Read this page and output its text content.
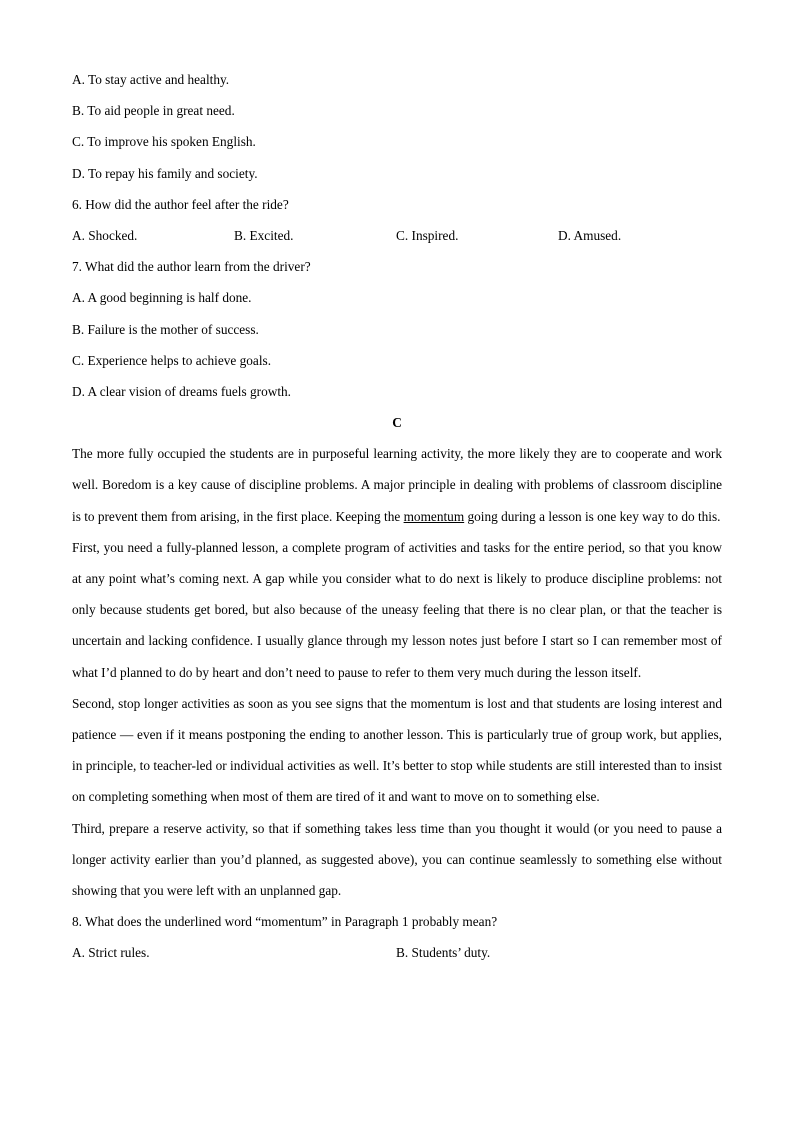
A. To stay active and healthy.
B. To aid people in great need.
C. To improve his spoken English.
D. To repay his family and society.
6. How did the author feel after the ride?
A. Shocked.	B. Excited.	C. Inspired.	D. Amused.
7. What did the author learn from the driver?
A. A good beginning is half done.
B. Failure is the mother of success.
C. Experience helps to achieve goals.
D. A clear vision of dreams fuels growth.
C

The more fully occupied the students are in purposeful learning activity, the more likely they are to cooperate and work well. Boredom is a key cause of discipline problems. A major principle in dealing with problems of classroom discipline is to prevent them from arising, in the first place. Keeping the momentum going during a lesson is one key way to do this.

First, you need a fully-planned lesson, a complete program of activities and tasks for the entire period, so that you know at any point what’s coming next. A gap while you consider what to do next is likely to produce discipline problems: not only because students get bored, but also because of the uneasy feeling that there is no clear plan, or that the teacher is uncertain and lacking confidence. I usually glance through my lesson notes just before I start so I can remember most of what I’d planned to do by heart and don’t need to pause to refer to them very much during the lesson itself.

Second, stop longer activities as soon as you see signs that the momentum is lost and that students are losing interest and patience — even if it means postponing the ending to another lesson. This is particularly true of group work, but applies, in principle, to teacher-led or individual activities as well. It’s better to stop while students are still interested than to insist on completing something when most of them are tired of it and want to move on to something else.

Third, prepare a reserve activity, so that if something takes less time than you thought it would (or you need to pause a longer activity earlier than you’d planned, as suggested above), you can continue seamlessly to something else without showing that you were left with an unplanned gap.

8. What does the underlined word “momentum” in Paragraph 1 probably mean?
A. Strict rules.	B. Students’ duty.
